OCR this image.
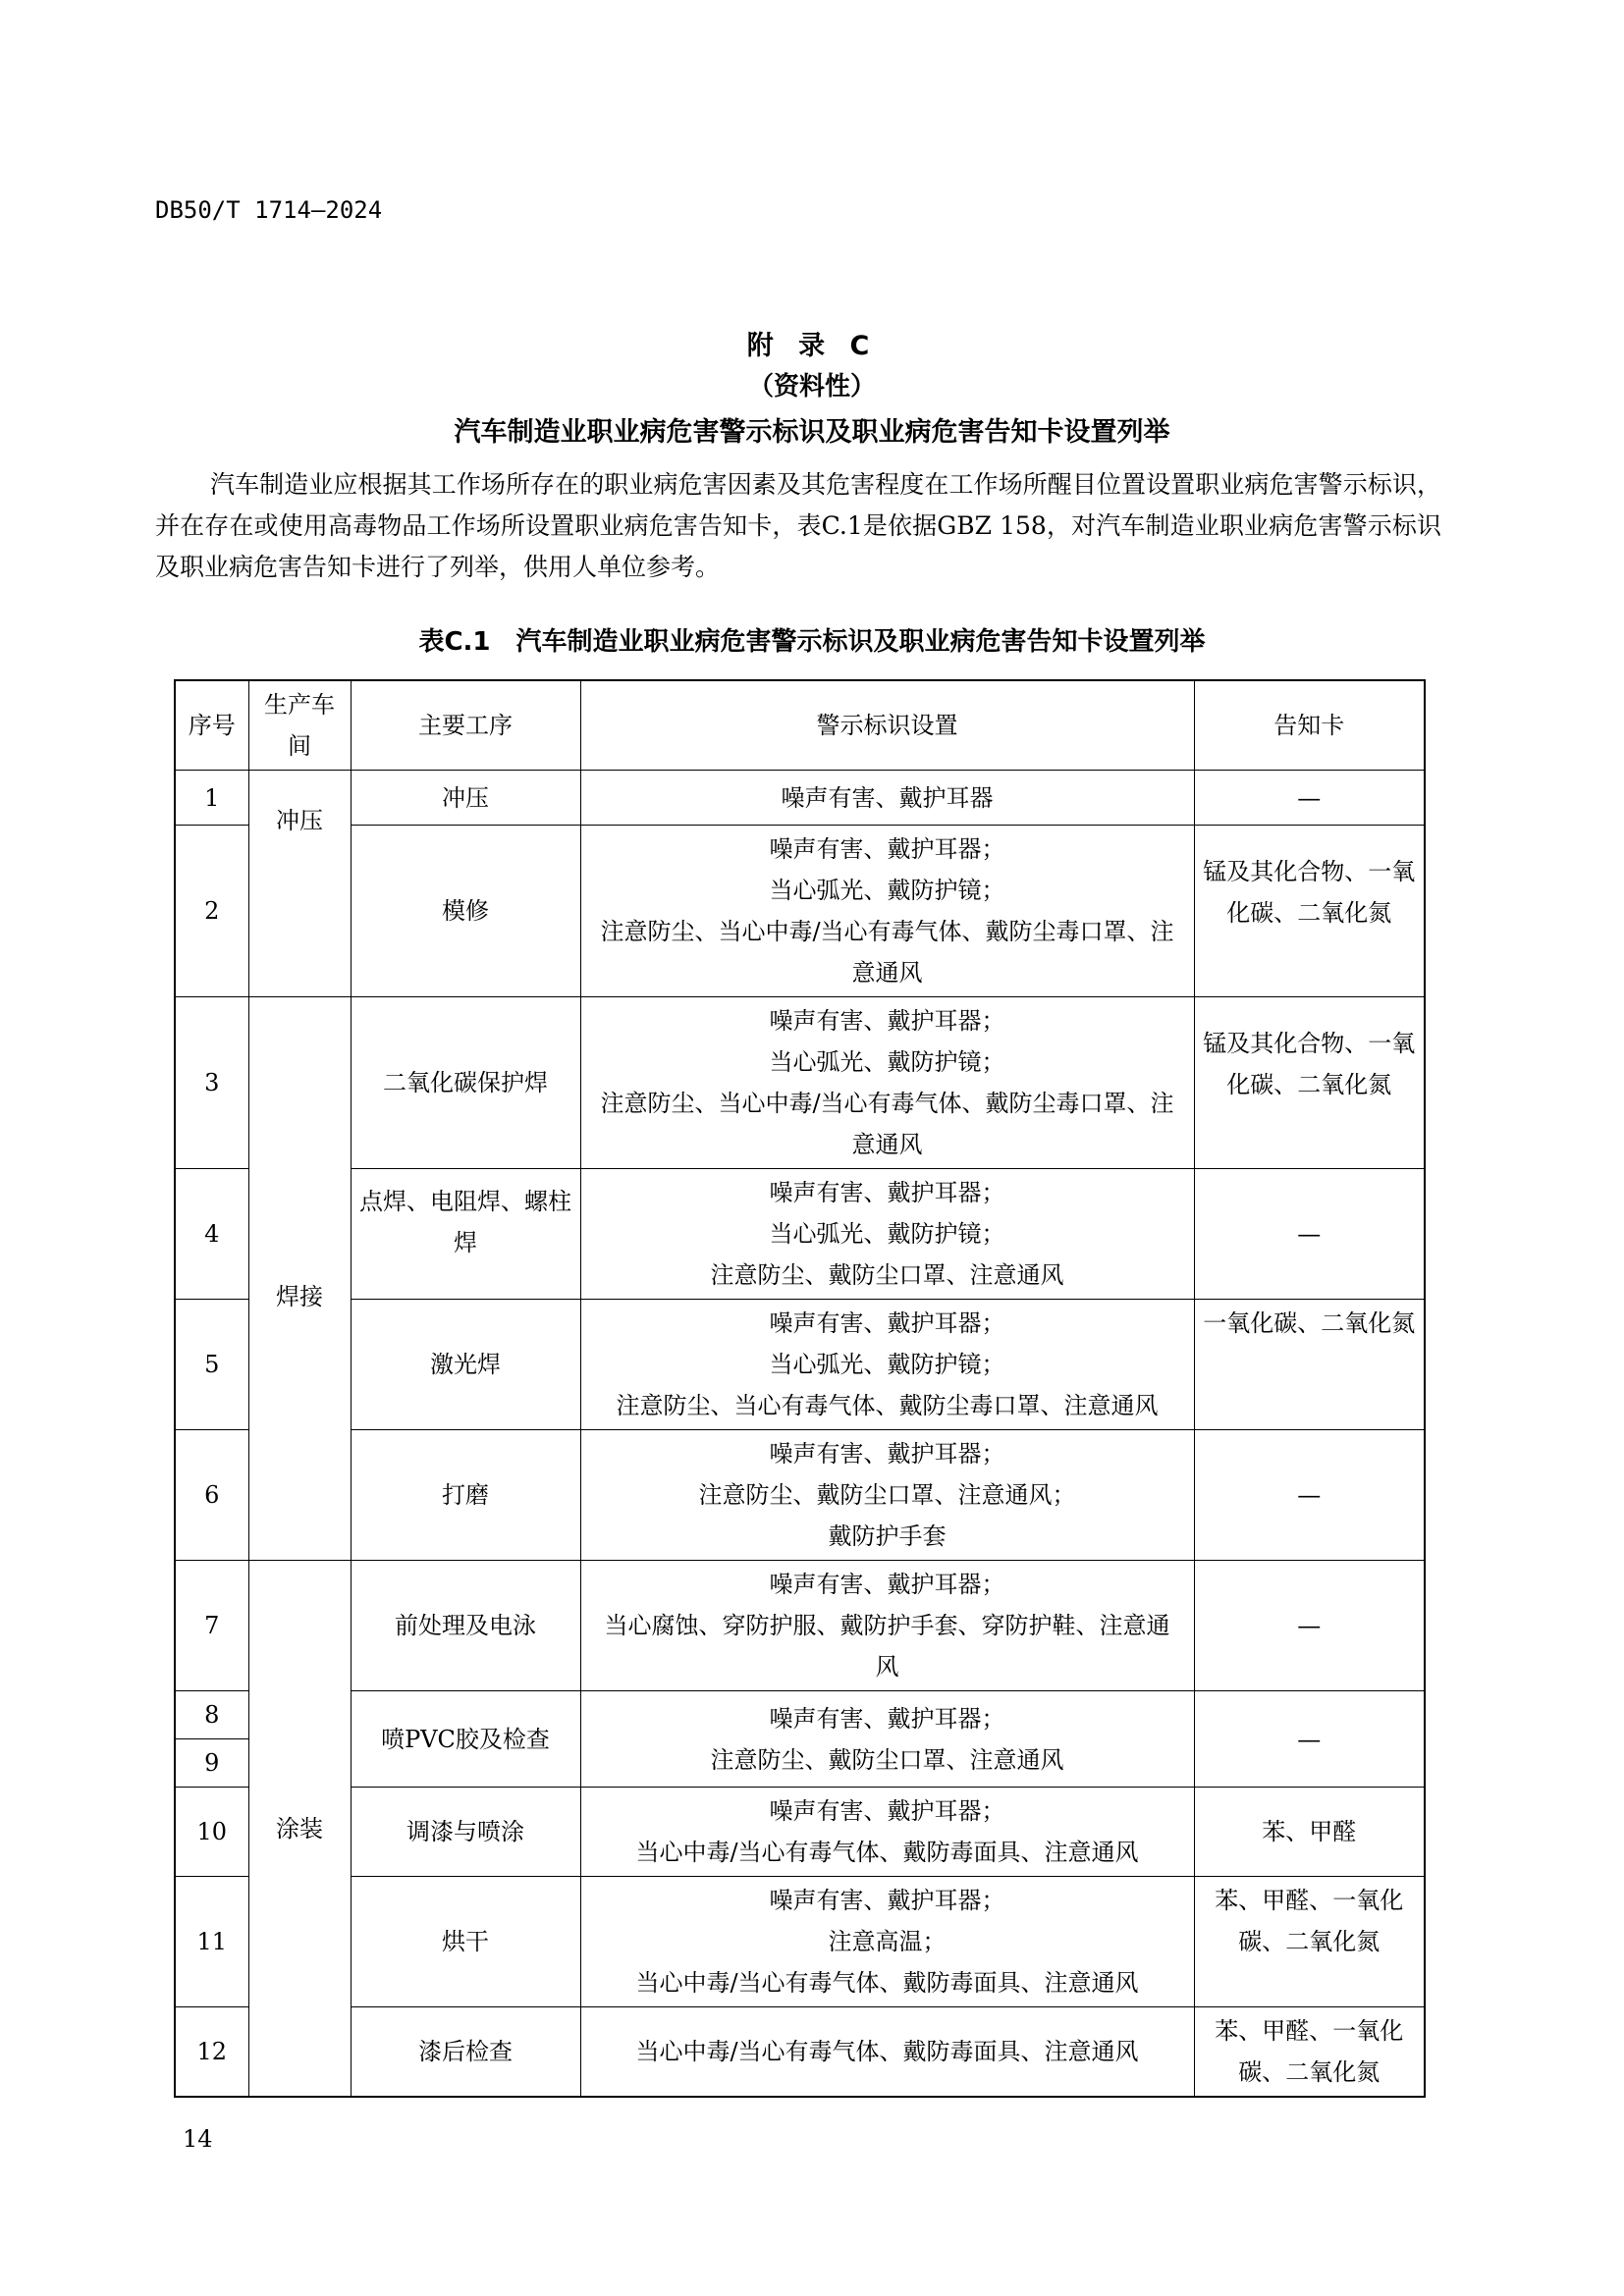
DB50/T 1714—2024
附 录 C
（资料性）
汽车制造业职业病危害警示标识及职业病危害告知卡设置列举
汽车制造业应根据其工作场所存在的职业病危害因素及其危害程度在工作场所醒目位置设置职业病危害警示标识，并在存在或使用高毒物品工作场所设置职业病危害告知卡，表C.1是依据GBZ 158，对汽车制造业职业病危害警示标识及职业病危害告知卡进行了列举，供用人单位参考。
表C.1　汽车制造业职业病危害警示标识及职业病危害告知卡设置列举
序号	生产车间	主要工序	警示标识设置	告知卡
1	冲压	冲压	噪声有害、戴护耳器	—

2		模修	噪声有害、戴护耳器；
当心弧光、戴防护镜；
注意防尘、当心中毒/当心有毒气体、戴防尘毒口罩、注
意通风	锰及其化合物、一氧
化碳、二氧化氮

3	焊接	二氧化碳保护焊	噪声有害、戴护耳器；
当心弧光、戴防护镜；
注意防尘、当心中毒/当心有毒气体、戴防尘毒口罩、注
意通风	锰及其化合物、一氧
化碳、二氧化氮

4		点焊、电阻焊、螺柱
焊	噪声有害、戴护耳器；
当心弧光、戴防护镜；
注意防尘、戴防尘口罩、注意通风	—

5		激光焊	噪声有害、戴护耳器；
当心弧光、戴防护镜；
注意防尘、当心有毒气体、戴防尘毒口罩、注意通风	一氧化碳、二氧化氮

6		打磨	噪声有害、戴护耳器；
注意防尘、戴防尘口罩、注意通风；
戴防护手套	—

7	涂装	前处理及电泳	噪声有害、戴护耳器；
当心腐蚀、穿防护服、戴防护手套、穿防护鞋、注意通
风	—

8		喷PVC胶及检查	噪声有害、戴护耳器；
注意防尘、戴防尘口罩、注意通风	—

9				
10		调漆与喷涂	噪声有害、戴护耳器；
当心中毒/当心有毒气体、戴防毒面具、注意通风	苯、甲醛

11		烘干	噪声有害、戴护耳器；
注意高温；
当心中毒/当心有毒气体、戴防毒面具、注意通风	苯、甲醛、一氧化
碳、二氧化氮

12		漆后检查	当心中毒/当心有毒气体、戴防毒面具、注意通风	苯、甲醛、一氧化
碳、二氧化氮
14
